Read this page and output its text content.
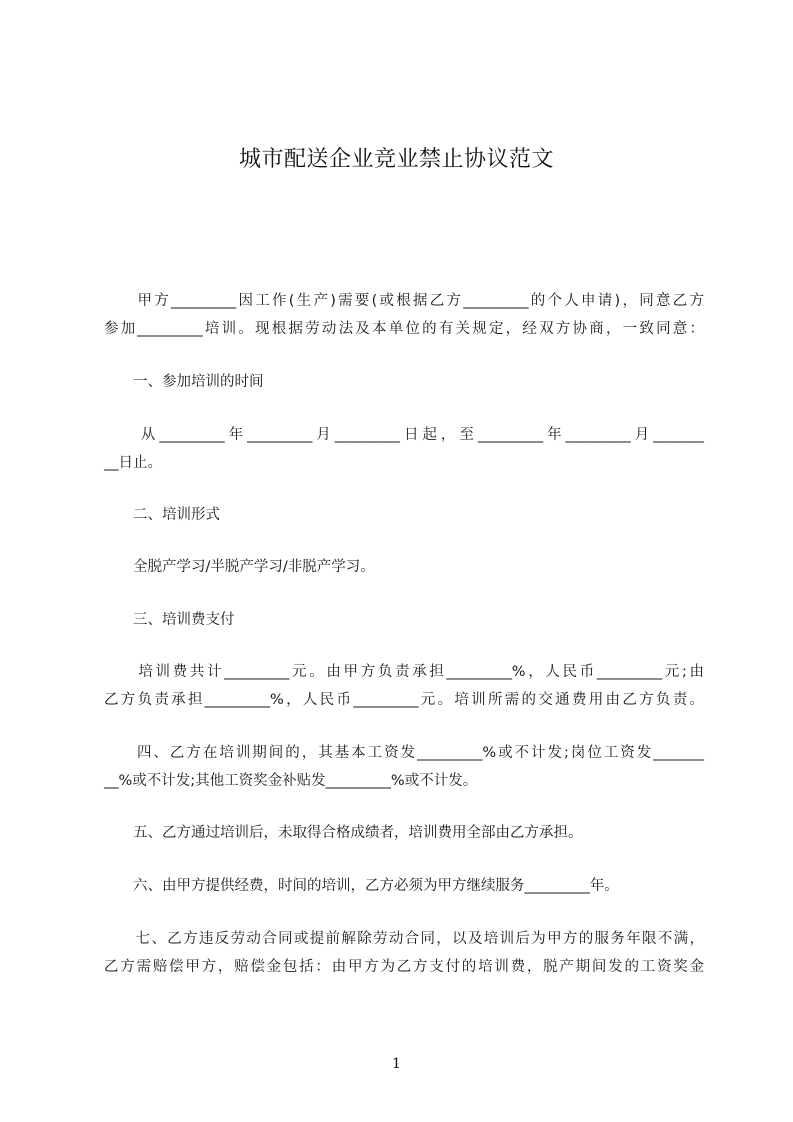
城市配送企业竞业禁止协议范文

　　甲方_________因工作(生产)需要(或根据乙方_________的个人申请)，同意乙方

参加_________培训。现根据劳动法及本单位的有关规定，经双方协商，一致同意：

　　一、参加培训的时间

　　从_________年_________月_________日起，至_________年_________月_______

__日止。

　　二、培训形式

　　全脱产学习/半脱产学习/非脱产学习。

　　三、培训费支付

　　培训费共计_________元。由甲方负责承担_________%，人民币_________元;由

乙方负责承担_________%，人民币_________元。培训所需的交通费用由乙方负责。

　　四、乙方在培训期间的，其基本工资发_________%或不计发;岗位工资发_______

__%或不计发;其他工资奖金补贴发_________%或不计发。

　　五、乙方通过培训后，未取得合格成绩者，培训费用全部由乙方承担。

　　六、由甲方提供经费，时间的培训，乙方必须为甲方继续服务_________年。

　　七、乙方违反劳动合同或提前解除劳动合同，以及培训后为甲方的服务年限不满，

乙方需赔偿甲方，赔偿金包括：由甲方为乙方支付的培训费，脱产期间发的工资奖金

1
